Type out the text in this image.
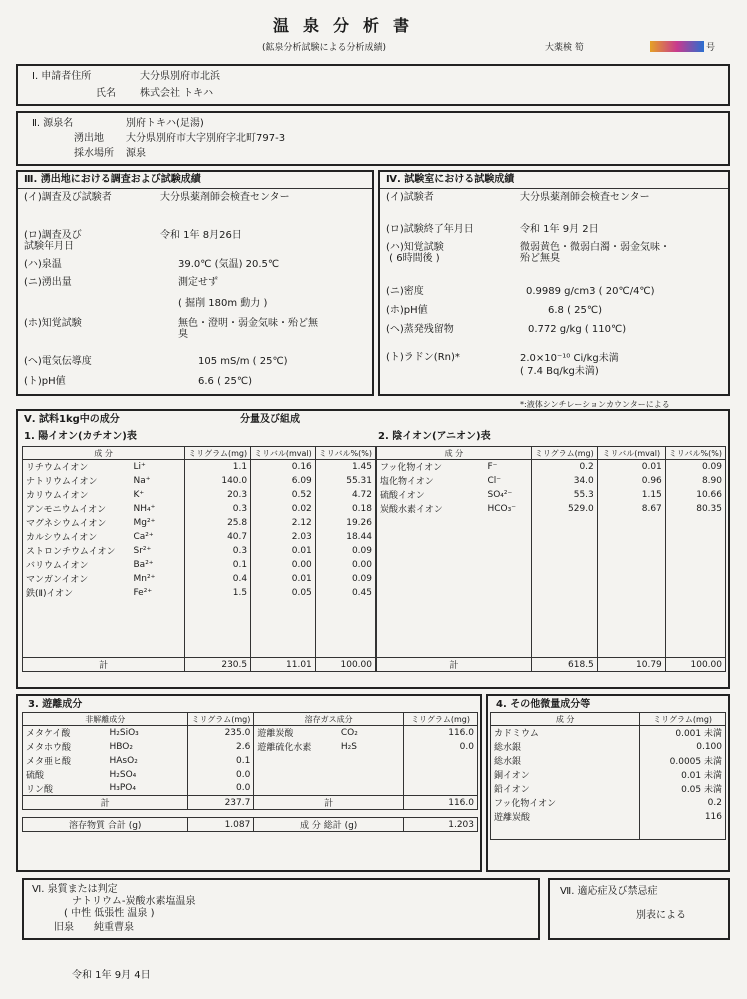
温泉分析書
(鉱泉分析試験による分析成績)	大薬検 筍	号
Ⅰ. 申請者住所	大分県別府市北浜
氏名 株式会社 トキハ
Ⅱ. 源泉名	別府トキハ(足湯)
湧出地 大分県別府市大字別府字北町797-3
採水場所 源泉
Ⅲ. 湧出地における調査および試験成績
(イ)調査及び試験者	大分県薬剤師会検査センター
(ロ)調査及び
試験年月日
令和 1年 8月26日
(ハ)泉温	39.0℃ (気温) 20.5℃
(ニ)湧出量	測定せず
( 掘削 180m 動力 )
(ホ)知覚試験	無色・澄明・弱金気味・殆ど無
臭
(ヘ)電気伝導度	105 mS/m ( 25℃)
(ト)pH値	6.6 ( 25℃)
Ⅳ. 試験室における試験成績
(イ)試験者	大分県薬剤師会検査センター
(ロ)試験終了年月日	令和 1年 9月 2日
(ハ)知覚試験
( 6時間後 )
微弱黄色・微弱白濁・弱金気味・
殆ど無臭
(ニ)密度	0.9989 g/cm3 ( 20℃/4℃)
(ホ)pH値	6.8 ( 25℃)
(ヘ)蒸発残留物	0.772 g/kg ( 110℃)
(ト)ラドン(Rn)*	2.0×10⁻¹⁰ Ci/kg未満
( 7.4 Bq/kg未満)
*:液体シンチレーションカウンターによる
Ⅴ. 試料1kg中の成分	分量及び組成
1. 陽イオン(カチオン)表	2. 陰イオン(アニオン)表
成 分		ミリグラム(mg)	ミリバル(mval)	ミリバル%(%)
リチウムイオン	Li⁺	1.1	0.16	1.45
ナトリウムイオン	Na⁺	140.0	6.09	55.31
カリウムイオン	K⁺	20.3	0.52	4.72
アンモニウムイオン	NH₄⁺	0.3	0.02	0.18
マグネシウムイオン	Mg²⁺	25.8	2.12	19.26
カルシウムイオン	Ca²⁺	40.7	2.03	18.44
ストロンチウムイオン	Sr²⁺	0.3	0.01	0.09
バリウムイオン	Ba²⁺	0.1	0.00	0.00
マンガンイオン	Mn²⁺	0.4	0.01	0.09
鉄(Ⅱ)イオン	Fe²⁺	1.5	0.05	0.45

計		230.5	11.01	100.00
成 分		ミリグラム(mg)	ミリバル(mval)	ミリバル%(%)
フッ化物イオン	F⁻	0.2	0.01	0.09
塩化物イオン	Cl⁻	34.0	0.96	8.90
硫酸イオン	SO₄²⁻	55.3	1.15	10.66
炭酸水素イオン	HCO₃⁻	529.0	8.67	80.35

計		618.5	10.79	100.00
3. 遊離成分
非解離成分		ミリグラム(mg)	溶存ガス成分		ミリグラム(mg)
メタケイ酸	H₂SiO₃	235.0	遊離炭酸	CO₂	116.0
メタホウ酸	HBO₂	2.6	遊離硫化水素	H₂S	0.0
メタ亜ヒ酸	HAsO₂	0.1			
硫酸	H₂SO₄	0.0			
リン酸	H₃PO₄	0.0			
計		237.7	計		116.0

溶存物質 合計 (g)		1.087	成 分 総計 (g)		1.203
4. その他微量成分等
成 分	ミリグラム(mg)
カドミウム	0.001 未満
総水銀	0.100
総水銀	0.0005 未満
銅イオン	0.01 未満
鉛イオン	0.05 未満
フッ化物イオン	0.2
遊離炭酸	116

Ⅵ. 泉質または判定
ナトリウム-炭酸水素塩温泉
( 中性 低張性 温泉 )
旧泉 純重曹泉
Ⅶ. 適応症及び禁忌症
別表による
令和 1年 9月 4日
